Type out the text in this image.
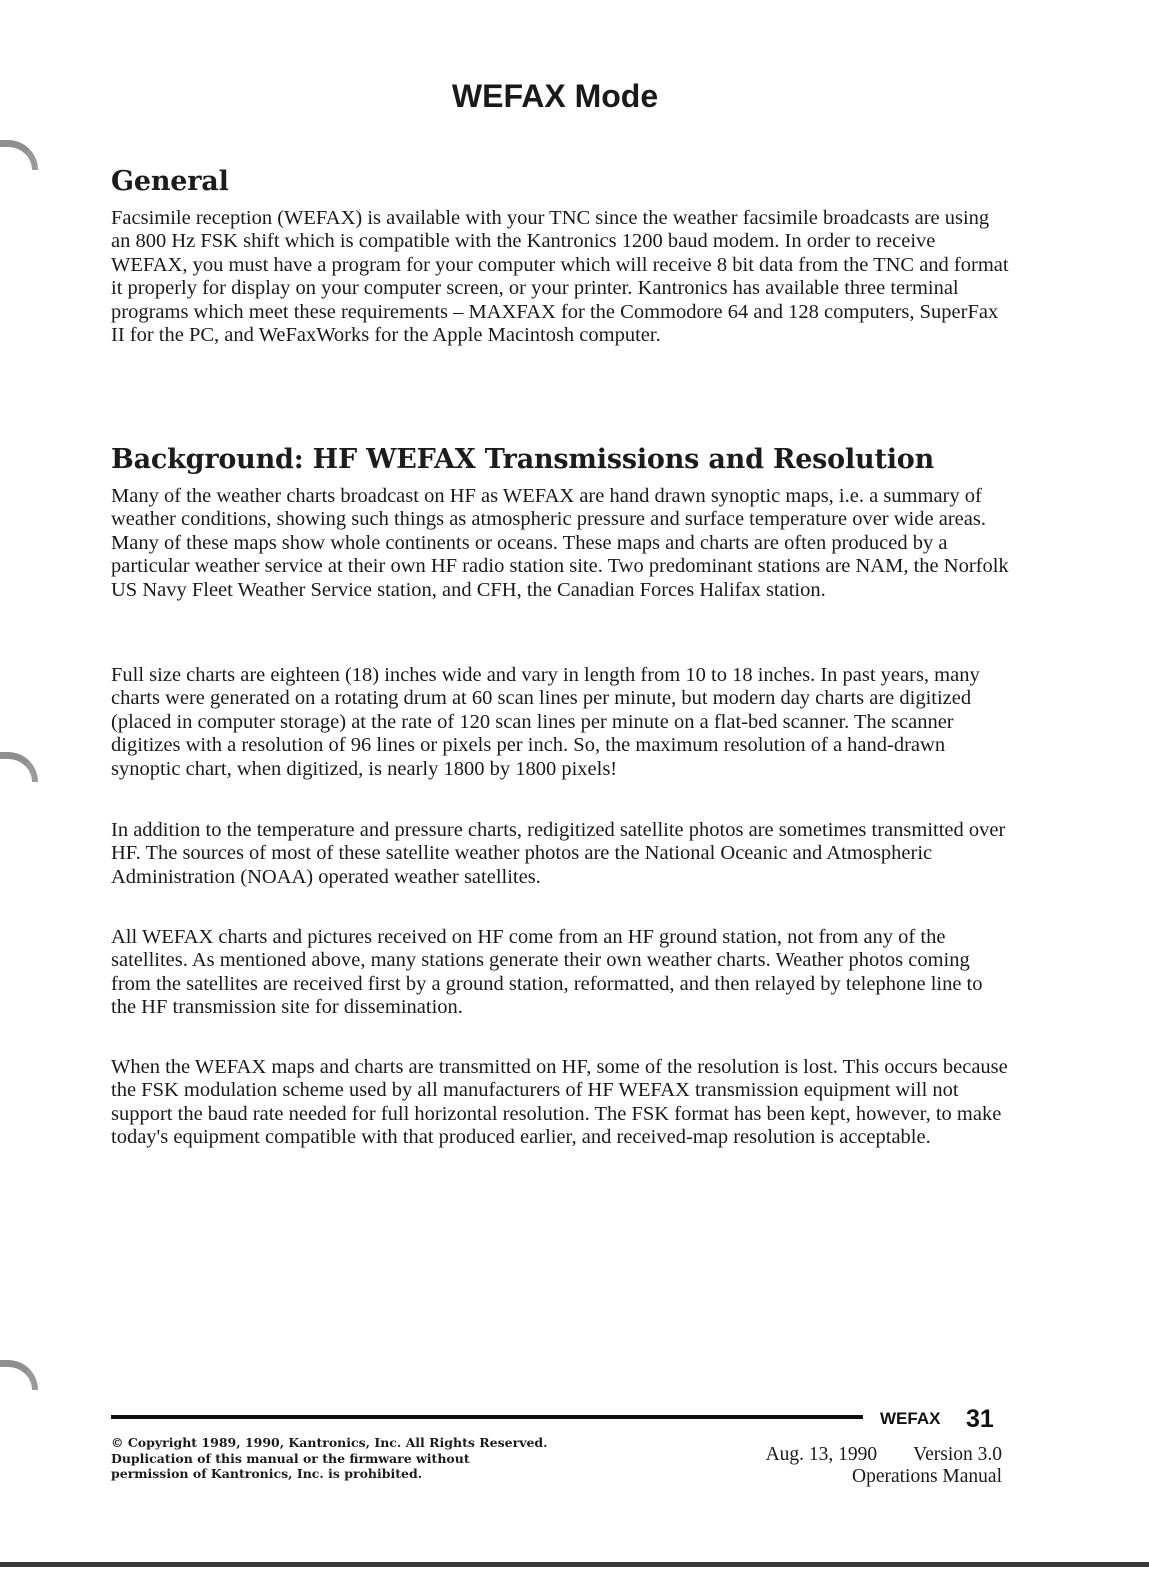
WEFAX Mode
General

Facsimile reception (WEFAX) is available with your TNC since the weather facsimile broadcasts are using an 800 Hz FSK shift which is compatible with the Kantronics 1200 baud modem. In order to receive WEFAX, you must have a program for your computer which will receive 8 bit data from the TNC and format it properly for display on your computer screen, or your printer. Kantronics has available three terminal programs which meet these requirements – MAXFAX for the Commodore 64 and 128 computers, SuperFax II for the PC, and WeFaxWorks for the Apple Macintosh computer.

Background: HF WEFAX Transmissions and Resolution

Many of the weather charts broadcast on HF as WEFAX are hand drawn synoptic maps, i.e. a summary of weather conditions, showing such things as atmospheric pressure and surface temperature over wide areas. Many of these maps show whole continents or oceans. These maps and charts are often produced by a particular weather service at their own HF radio station site. Two predominant stations are NAM, the Norfolk US Navy Fleet Weather Service station, and CFH, the Canadian Forces Halifax station.

Full size charts are eighteen (18) inches wide and vary in length from 10 to 18 inches. In past years, many charts were generated on a rotating drum at 60 scan lines per minute, but modern day charts are digitized (placed in computer storage) at the rate of 120 scan lines per minute on a flat-bed scanner. The scanner digitizes with a resolution of 96 lines or pixels per inch. So, the maximum resolution of a hand-drawn synoptic chart, when digitized, is nearly 1800 by 1800 pixels!

In addition to the temperature and pressure charts, redigitized satellite photos are sometimes transmitted over HF. The sources of most of these satellite weather photos are the National Oceanic and Atmospheric Administration (NOAA) operated weather satellites.

All WEFAX charts and pictures received on HF come from an HF ground station, not from any of the satellites. As mentioned above, many stations generate their own weather charts. Weather photos coming from the satellites are received first by a ground station, reformatted, and then relayed by telephone line to the HF transmission site for dissemination.

When the WEFAX maps and charts are transmitted on HF, some of the resolution is lost. This occurs because the FSK modulation scheme used by all manufacturers of HF WEFAX transmission equipment will not support the baud rate needed for full horizontal resolution. The FSK format has been kept, however, to make today's equipment compatible with that produced earlier, and received-map resolution is acceptable.

WEFAX 31
© Copyright 1989, 1990, Kantronics, Inc. All Rights Reserved.
Duplication of this manual or the firmware without
permission of Kantronics, Inc. is prohibited.
Aug. 13, 1990 Version 3.0
Operations Manual
